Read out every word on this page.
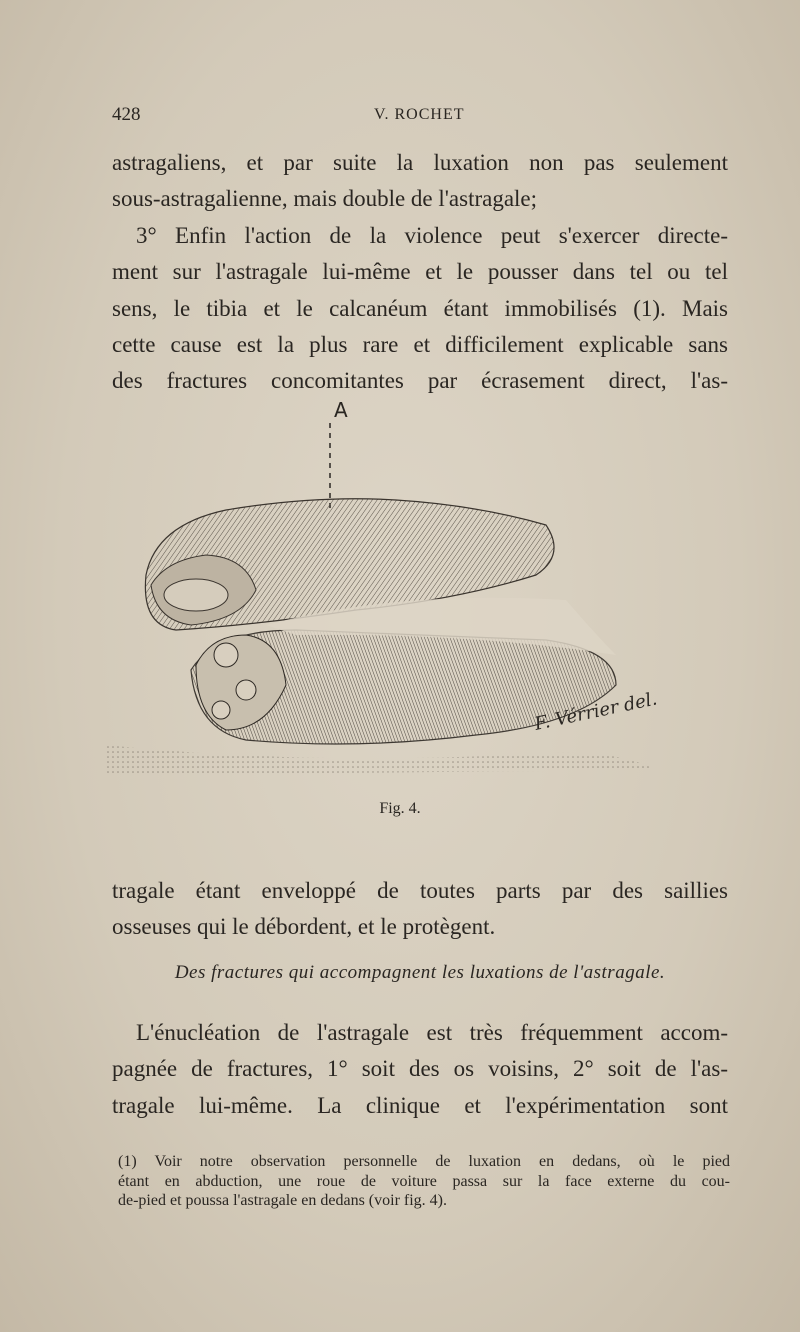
428	V. ROCHET
astragaliens, et par suite la luxation non pas seulement
sous-astragalienne, mais double de l'astragale;
3° Enfin l'action de la violence peut s'exercer directe-
ment sur l'astragale lui-même et le pousser dans tel ou tel
sens, le tibia et le calcanéum étant immobilisés (1). Mais
cette cause est la plus rare et difficilement explicable sans
des fractures concomitantes par écrasement direct, l'as-
A
F. Vérrier del.
Fig. 4.
tragale étant enveloppé de toutes parts par des saillies
osseuses qui le débordent, et le protègent.
Des fractures qui accompagnent les luxations de l'astragale.
L'énucléation de l'astragale est très fréquemment accom-
pagnée de fractures, 1° soit des os voisins, 2° soit de l'as-
tragale lui-même. La clinique et l'expérimentation sont
(1) Voir notre observation personnelle de luxation en dedans, où le pied
étant en abduction, une roue de voiture passa sur la face externe du cou-
de-pied et poussa l'astragale en dedans (voir fig. 4).
